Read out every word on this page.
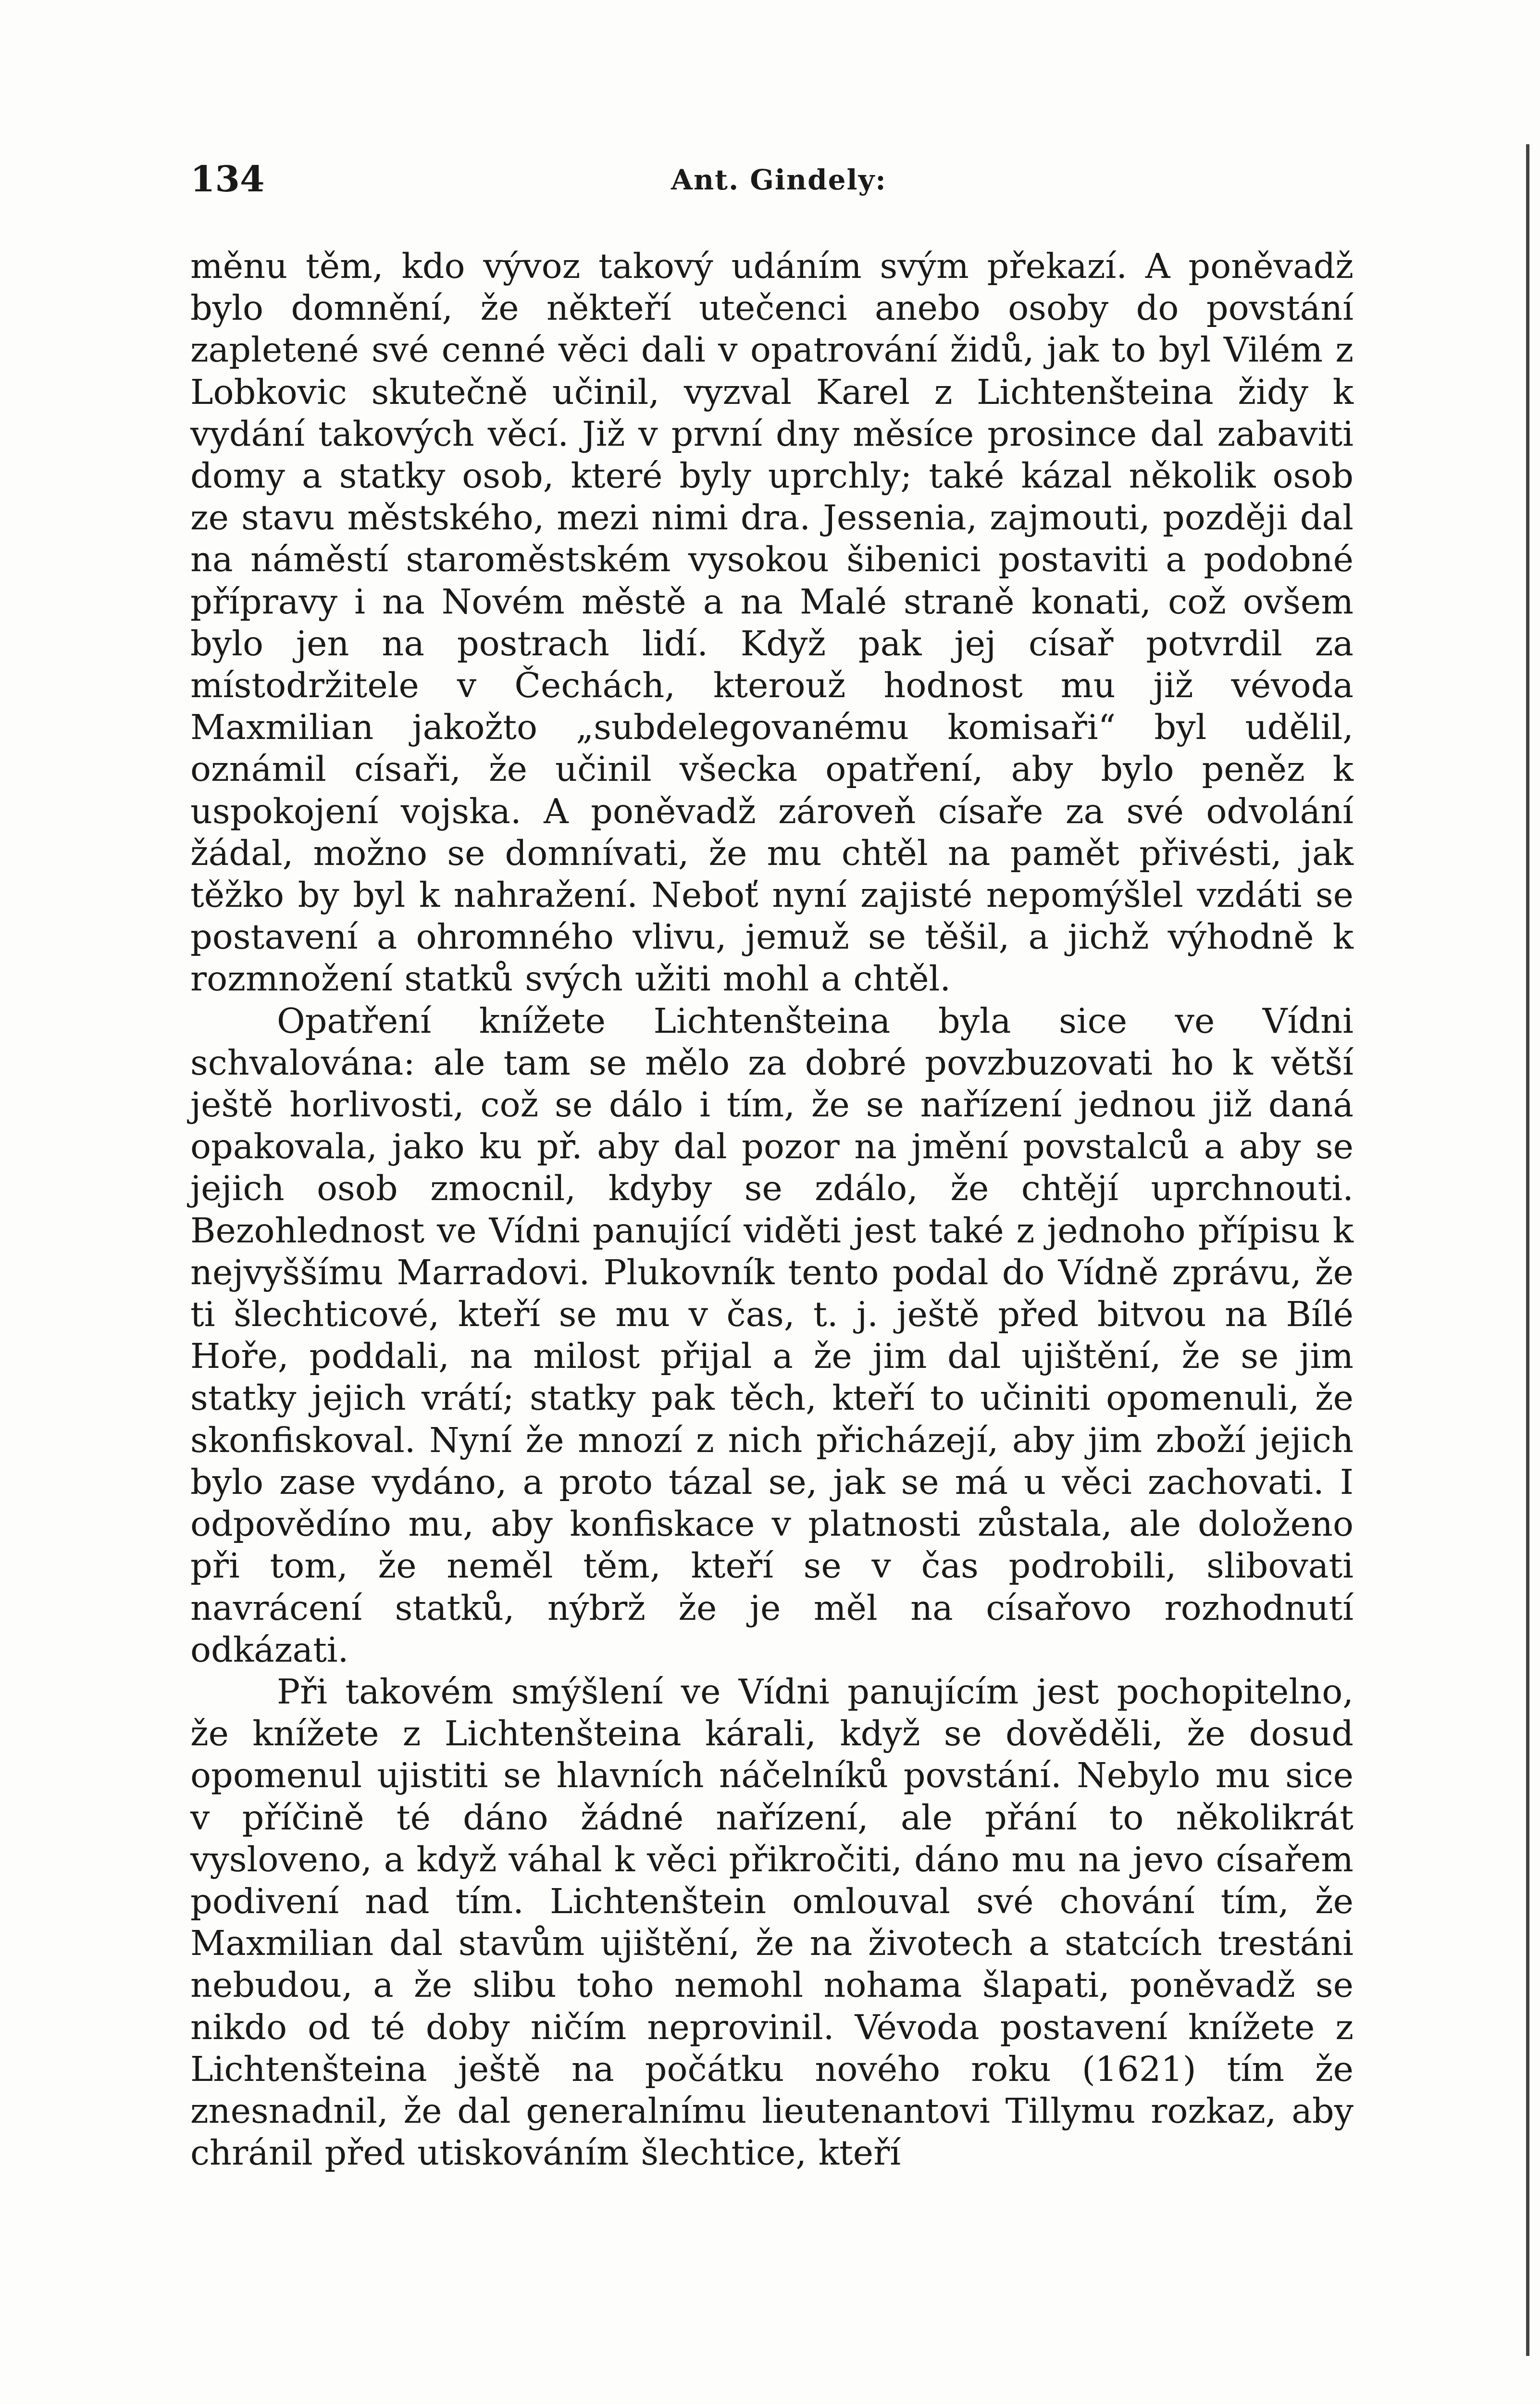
134	Ant. Gindely:

měnu těm, kdo vývoz takový udáním svým překazí. A poněvadž bylo domnění, že někteří utečenci anebo osoby do povstání zapletené své cenné věci dali v opatrování židů, jak to byl Vilém z Lobkovic skutečně učinil, vyzval Karel z Lichtenšteina židy k vydání takových věcí. Již v první dny měsíce prosince dal zabaviti domy a statky osob, které byly uprchly; také kázal několik osob ze stavu městského, mezi nimi dra. Jessenia, zajmouti, později dal na náměstí staroměstském vysokou šibenici postaviti a podobné přípravy i na Novém městě a na Malé straně konati, což ovšem bylo jen na postrach lidí. Když pak jej císař potvrdil za místodržitele v Čechách, kterouž hodnost mu již vévoda Maxmilian jakožto „subdelegovanému komisaři“ byl udělil, oznámil císaři, že učinil všecka opatření, aby bylo peněz k uspokojení vojska. A poněvadž zároveň císaře za své odvolání žádal, možno se domnívati, že mu chtěl na pamět přivésti, jak těžko by byl k nahražení. Neboť nyní zajisté nepomýšlel vzdáti se postavení a ohromného vlivu, jemuž se těšil, a jichž výhodně k rozmnožení statků svých užiti mohl a chtěl.

Opatření knížete Lichtenšteina byla sice ve Vídni schvalována: ale tam se mělo za dobré povzbuzovati ho k větší ještě horlivosti, což se dálo i tím, že se nařízení jednou již daná opakovala, jako ku př. aby dal pozor na jmění povstalců a aby se jejich osob zmocnil, kdyby se zdálo, že chtějí uprchnouti. Bezohlednost ve Vídni panující viděti jest také z jednoho přípisu k nejvyššímu Marradovi. Plukovník tento podal do Vídně zprávu, že ti šlechticové, kteří se mu v čas, t. j. ještě před bitvou na Bílé Hoře, poddali, na milost přijal a že jim dal ujištění, že se jim statky jejich vrátí; statky pak těch, kteří to učiniti opomenuli, že skonfiskoval. Nyní že mnozí z nich přicházejí, aby jim zboží jejich bylo zase vydáno, a proto tázal se, jak se má u věci zachovati. I odpovědíno mu, aby konfiskace v platnosti zůstala, ale doloženo při tom, že neměl těm, kteří se v čas podrobili, slibovati navrácení statků, nýbrž že je měl na císařovo rozhodnutí odkázati.

Při takovém smýšlení ve Vídni panujícím jest pochopitelno, že knížete z Lichtenšteina kárali, když se dověděli, že dosud opomenul ujistiti se hlavních náčelníků povstání. Nebylo mu sice v příčině té dáno žádné nařízení, ale přání to několikrát vysloveno, a když váhal k věci přikročiti, dáno mu na jevo císařem podivení nad tím. Lichtenštein omlouval své chování tím, že Maxmilian dal stavům ujištění, že na životech a statcích trestáni nebudou, a že slibu toho nemohl nohama šlapati, poněvadž se nikdo od té doby ničím neprovinil. Vévoda postavení knížete z Lichtenšteina ještě na počátku nového roku (1621) tím že znesnadnil, že dal generalnímu lieutenantovi Tillymu rozkaz, aby chránil před utiskováním šlechtice, kteří
